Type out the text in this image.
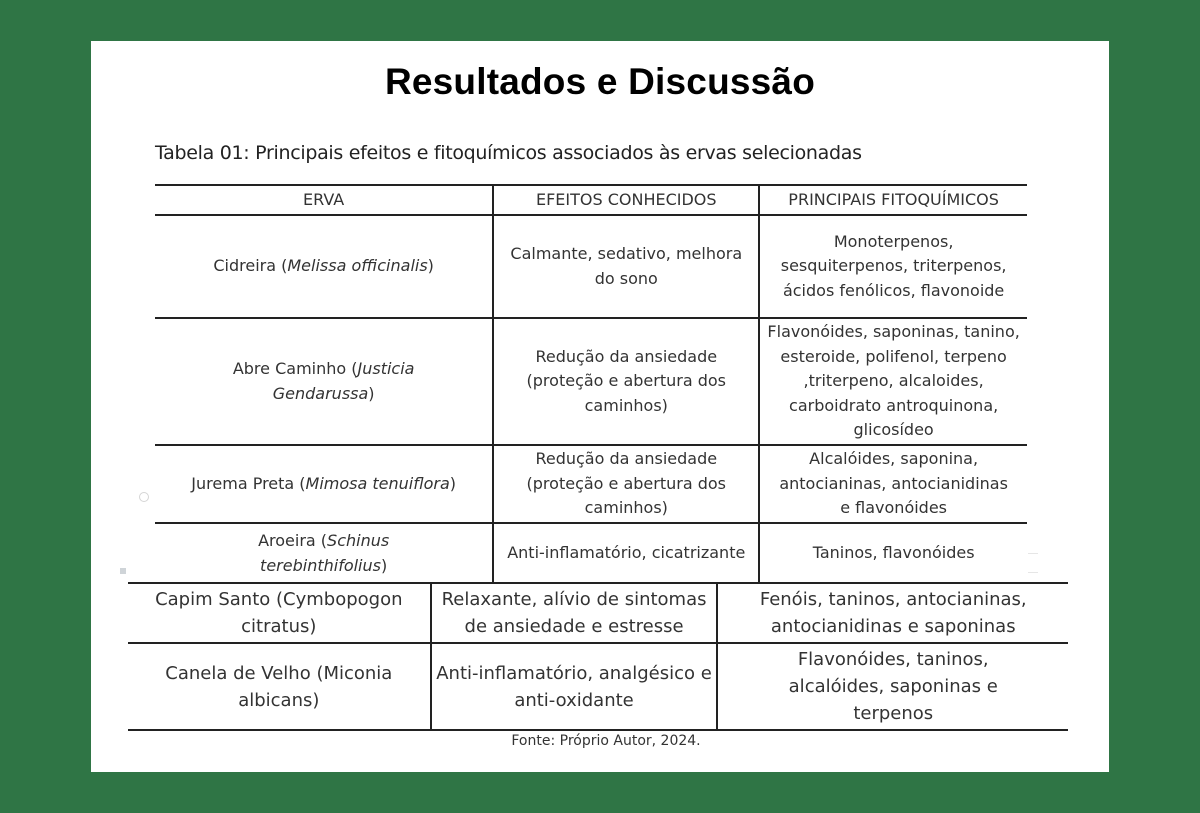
Resultados e Discussão
Tabela 01: Principais efeitos e fitoquímicos associados às ervas selecionadas
ERVA	EFEITOS CONHECIDOS	PRINCIPAIS FITOQUÍMICOS
Cidreira (Melissa officinalis)	Calmante, sedativo, melhora do sono	Monoterpenos, sesquiterpenos, triterpenos, ácidos fenólicos, flavonoide
Abre Caminho (Justicia Gendarussa)	Redução da ansiedade (proteção e abertura dos caminhos)	Flavonóides, saponinas, tanino, esteroide, polifenol, terpeno ,triterpeno, alcaloides, carboidrato antroquinona, glicosídeo
Jurema Preta (Mimosa tenuiflora)	Redução da ansiedade (proteção e abertura dos caminhos)	Alcalóides, saponina, antocianinas, antocianidinas e flavonóides
Aroeira (Schinus terebinthifolius)	Anti-inflamatório, cicatrizante	Taninos, flavonóides
Capim Santo (Cymbopogon citratus)	Relaxante, alívio de sintomas de ansiedade e estresse	Fenóis, taninos, antocianinas, antocianidinas e saponinas
Canela de Velho (Miconia albicans)	Anti-inflamatório, analgésico e anti-oxidante	Flavonóides, taninos, alcalóides, saponinas e terpenos
Fonte: Próprio Autor, 2024.
